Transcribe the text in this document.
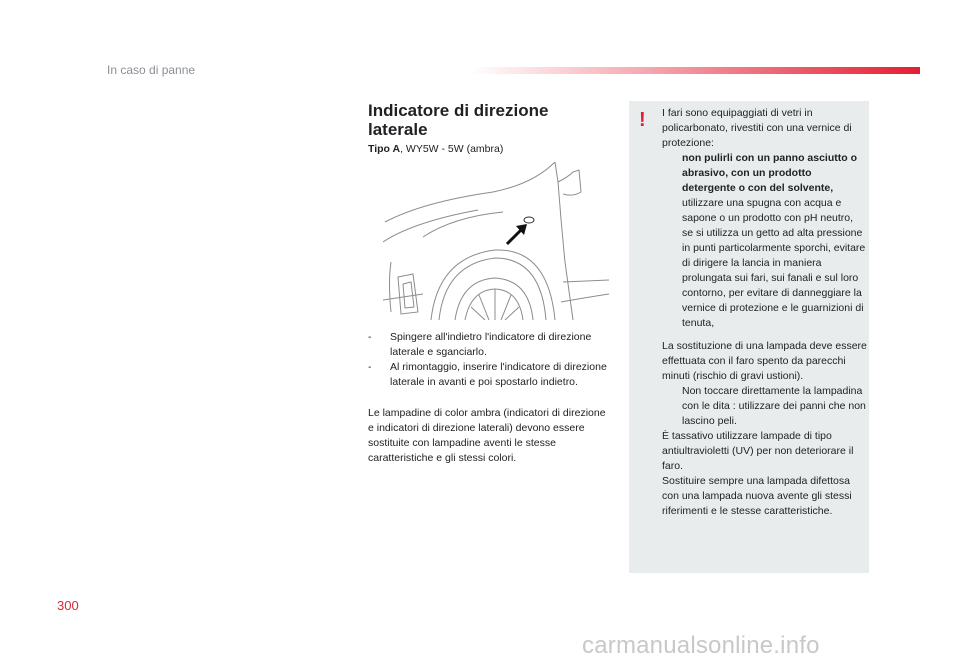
In caso di panne
Indicatore di direzione
laterale
Tipo A, WY5W - 5W (ambra)
-	Spingere all'indietro l'indicatore di direzione laterale e sganciarlo.
-	Al rimontaggio, inserire l'indicatore di direzione laterale in avanti e poi spostarlo indietro.
Le lampadine di color ambra (indicatori di direzione e indicatori di direzione laterali) devono essere sostituite con lampadine aventi le stesse caratteristiche e gli stessi colori.
! I fari sono equipaggiati di vetri in policarbonato, rivestiti con una vernice di protezione:
non pulirli con un panno asciutto o abrasivo, con un prodotto detergente o con del solvente,
utilizzare una spugna con acqua e sapone o un prodotto con pH neutro,
se si utilizza un getto ad alta pressione in punti particolarmente sporchi, evitare di dirigere la lancia in maniera prolungata sui fari, sui fanali e sul loro contorno, per evitare di danneggiare la vernice di protezione e le guarnizioni di tenuta,
La sostituzione di una lampada deve essere effettuata con il faro spento da parecchi minuti (rischio di gravi ustioni).
Non toccare direttamente la lampadina con le dita : utilizzare dei panni che non lascino peli.
È tassativo utilizzare lampade di tipo antiultravioletti (UV) per non deteriorare il faro.
Sostituire sempre una lampada difettosa con una lampada nuova avente gli stessi riferimenti e le stesse caratteristiche.
300
carmanualsonline.info
